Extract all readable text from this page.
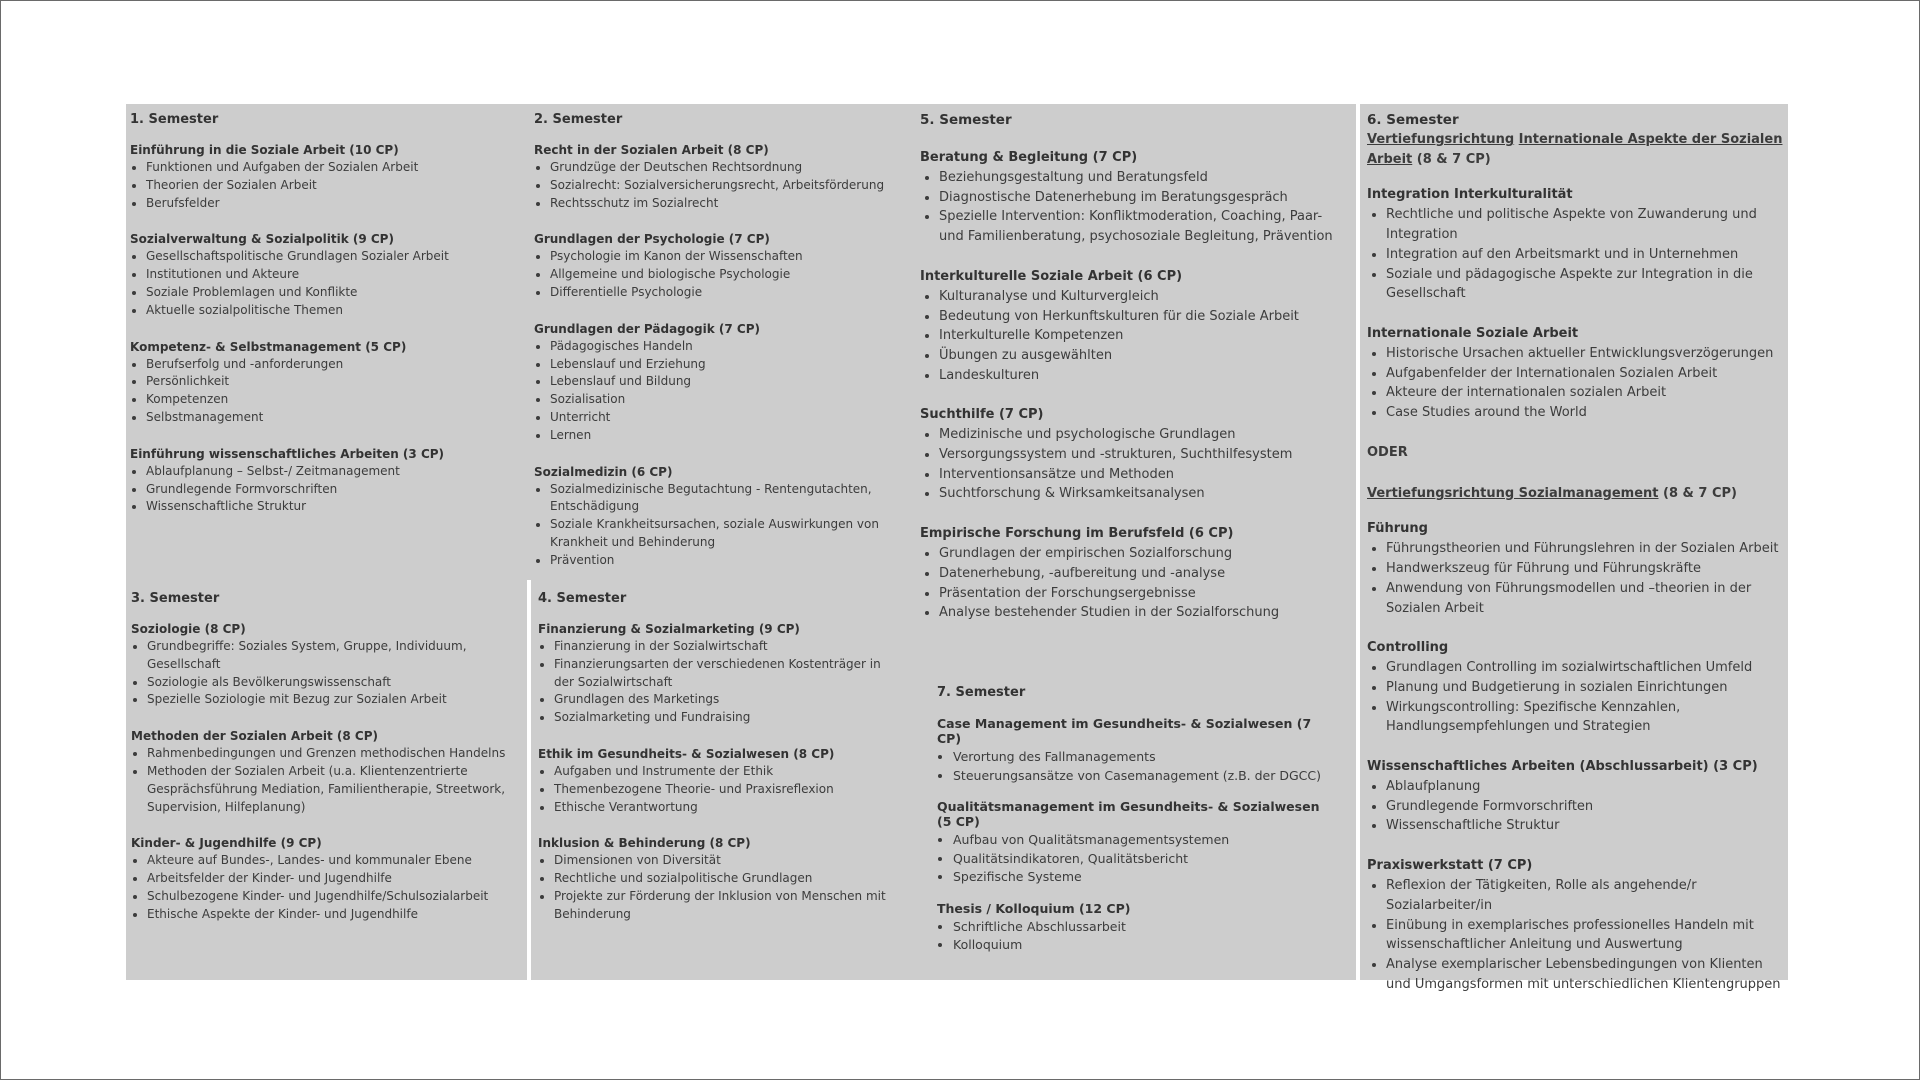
1. Semester
Einführung in die Soziale Arbeit (10 CP)
• Funktionen und Aufgaben der Sozialen Arbeit
• Theorien der Sozialen Arbeit
• Berufsfelder
Sozialverwaltung & Sozialpolitik (9 CP)
• Gesellschaftspolitische Grundlagen Sozialer Arbeit
• Institutionen und Akteure
• Soziale Problemlagen und Konflikte
• Aktuelle sozialpolitische Themen
Kompetenz- & Selbstmanagement (5 CP)
• Berufserfolg und -anforderungen
• Persönlichkeit
• Kompetenzen
• Selbstmanagement
Einführung wissenschaftliches Arbeiten (3 CP)
• Ablaufplanung – Selbst-/ Zeitmanagement
• Grundlegende Formvorschriften
• Wissenschaftliche Struktur
2. Semester
Recht in der Sozialen Arbeit (8 CP)
• Grundzüge der Deutschen Rechtsordnung
• Sozialrecht: Sozialversicherungsrecht, Arbeitsförderung
• Rechtsschutz im Sozialrecht
Grundlagen der Psychologie (7 CP)
• Psychologie im Kanon der Wissenschaften
• Allgemeine und biologische Psychologie
• Differentielle Psychologie
Grundlagen der Pädagogik (7 CP)
• Pädagogisches Handeln
• Lebenslauf und Erziehung
• Lebenslauf und Bildung
• Sozialisation
• Unterricht
• Lernen
Sozialmedizin (6 CP)
• Sozialmedizinische Begutachtung - Rentengutachten, Entschädigung
• Soziale Krankheitsursachen, soziale Auswirkungen von Krankheit und Behinderung
• Prävention
3. Semester
Soziologie (8 CP)
• Grundbegriffe: Soziales System, Gruppe, Individuum, Gesellschaft
• Soziologie als Bevölkerungswissenschaft
• Spezielle Soziologie mit Bezug zur Sozialen Arbeit
Methoden der Sozialen Arbeit (8 CP)
• Rahmenbedingungen und Grenzen methodischen Handelns
• Methoden der Sozialen Arbeit (u.a. Klientenzentrierte Gesprächsführung Mediation, Familientherapie, Streetwork, Supervision, Hilfeplanung)
Kinder- & Jugendhilfe (9 CP)
• Akteure auf Bundes-, Landes- und kommunaler Ebene
• Arbeitsfelder der Kinder- und Jugendhilfe
• Schulbezogene Kinder- und Jugendhilfe/Schulsozialarbeit
• Ethische Aspekte der Kinder- und Jugendhilfe
4. Semester
Finanzierung & Sozialmarketing (9 CP)
• Finanzierung in der Sozialwirtschaft
• Finanzierungsarten der verschiedenen Kostenträger in der Sozialwirtschaft
• Grundlagen des Marketings
• Sozialmarketing und Fundraising
Ethik im Gesundheits- & Sozialwesen (8 CP)
• Aufgaben und Instrumente der Ethik
• Themenbezogene Theorie- und Praxisreflexion
• Ethische Verantwortung
Inklusion & Behinderung (8 CP)
• Dimensionen von Diversität
• Rechtliche und sozialpolitische Grundlagen
• Projekte zur Förderung der Inklusion von Menschen mit Behinderung
5. Semester
Beratung & Begleitung (7 CP)
• Beziehungsgestaltung und Beratungsfeld
• Diagnostische Datenerhebung im Beratungsgespräch
• Spezielle Intervention: Konfliktmoderation, Coaching, Paar- und Familienberatung, psychosoziale Begleitung, Prävention
Interkulturelle Soziale Arbeit (6 CP)
• Kulturanalyse und Kulturvergleich
• Bedeutung von Herkunftskulturen für die Soziale Arbeit
• Interkulturelle Kompetenzen
• Übungen zu ausgewählten
• Landeskulturen
Suchthilfe (7 CP)
• Medizinische und psychologische Grundlagen
• Versorgungssystem und -strukturen, Suchthilfesystem
• Interventionsansätze und Methoden
• Suchtforschung & Wirksamkeitsanalysen
Empirische Forschung im Berufsfeld (6 CP)
• Grundlagen der empirischen Sozialforschung
• Datenerhebung, -aufbereitung und -analyse
• Präsentation der Forschungsergebnisse
• Analyse bestehender Studien in der Sozialforschung
7. Semester
Case Management im Gesundheits- & Sozialwesen (7 CP)
• Verortung des Fallmanagements
• Steuerungsansätze von Casemanagement (z.B. der DGCC)
Qualitätsmanagement im Gesundheits- & Sozialwesen (5 CP)
• Aufbau von Qualitätsmanagementsystemen
• Qualitätsindikatoren, Qualitätsbericht
• Spezifische Systeme
Thesis / Kolloquium (12 CP)
• Schriftliche Abschlussarbeit
• Kolloquium
6. Semester
Vertiefungsrichtung Internationale Aspekte der Sozialen Arbeit (8 & 7 CP)
Integration Interkulturalität
• Rechtliche und politische Aspekte von Zuwanderung und Integration
• Integration auf den Arbeitsmarkt und in Unternehmen
• Soziale und pädagogische Aspekte zur Integration in die Gesellschaft
Internationale Soziale Arbeit
• Historische Ursachen aktueller Entwicklungsverzögerungen
• Aufgabenfelder der Internationalen Sozialen Arbeit
• Akteure der internationalen sozialen Arbeit
• Case Studies around the World
ODER
Vertiefungsrichtung Sozialmanagement (8 & 7 CP)
Führung
• Führungstheorien und Führungslehren in der Sozialen Arbeit
• Handwerkszeug für Führung und Führungskräfte
• Anwendung von Führungsmodellen und –theorien in der Sozialen Arbeit
Controlling
• Grundlagen Controlling im sozialwirtschaftlichen Umfeld
• Planung und Budgetierung in sozialen Einrichtungen
• Wirkungscontrolling: Spezifische Kennzahlen, Handlungsempfehlungen und Strategien
Wissenschaftliches Arbeiten (Abschlussarbeit) (3 CP)
• Ablaufplanung
• Grundlegende Formvorschriften
• Wissenschaftliche Struktur
Praxiswerkstatt (7 CP)
• Reflexion der Tätigkeiten, Rolle als angehende/r Sozialarbeiter/in
• Einübung in exemplarisches professionelles Handeln mit wissenschaftlicher Anleitung und Auswertung
• Analyse exemplarischer Lebensbedingungen von Klienten und Umgangsformen mit unterschiedlichen Klientengruppen
